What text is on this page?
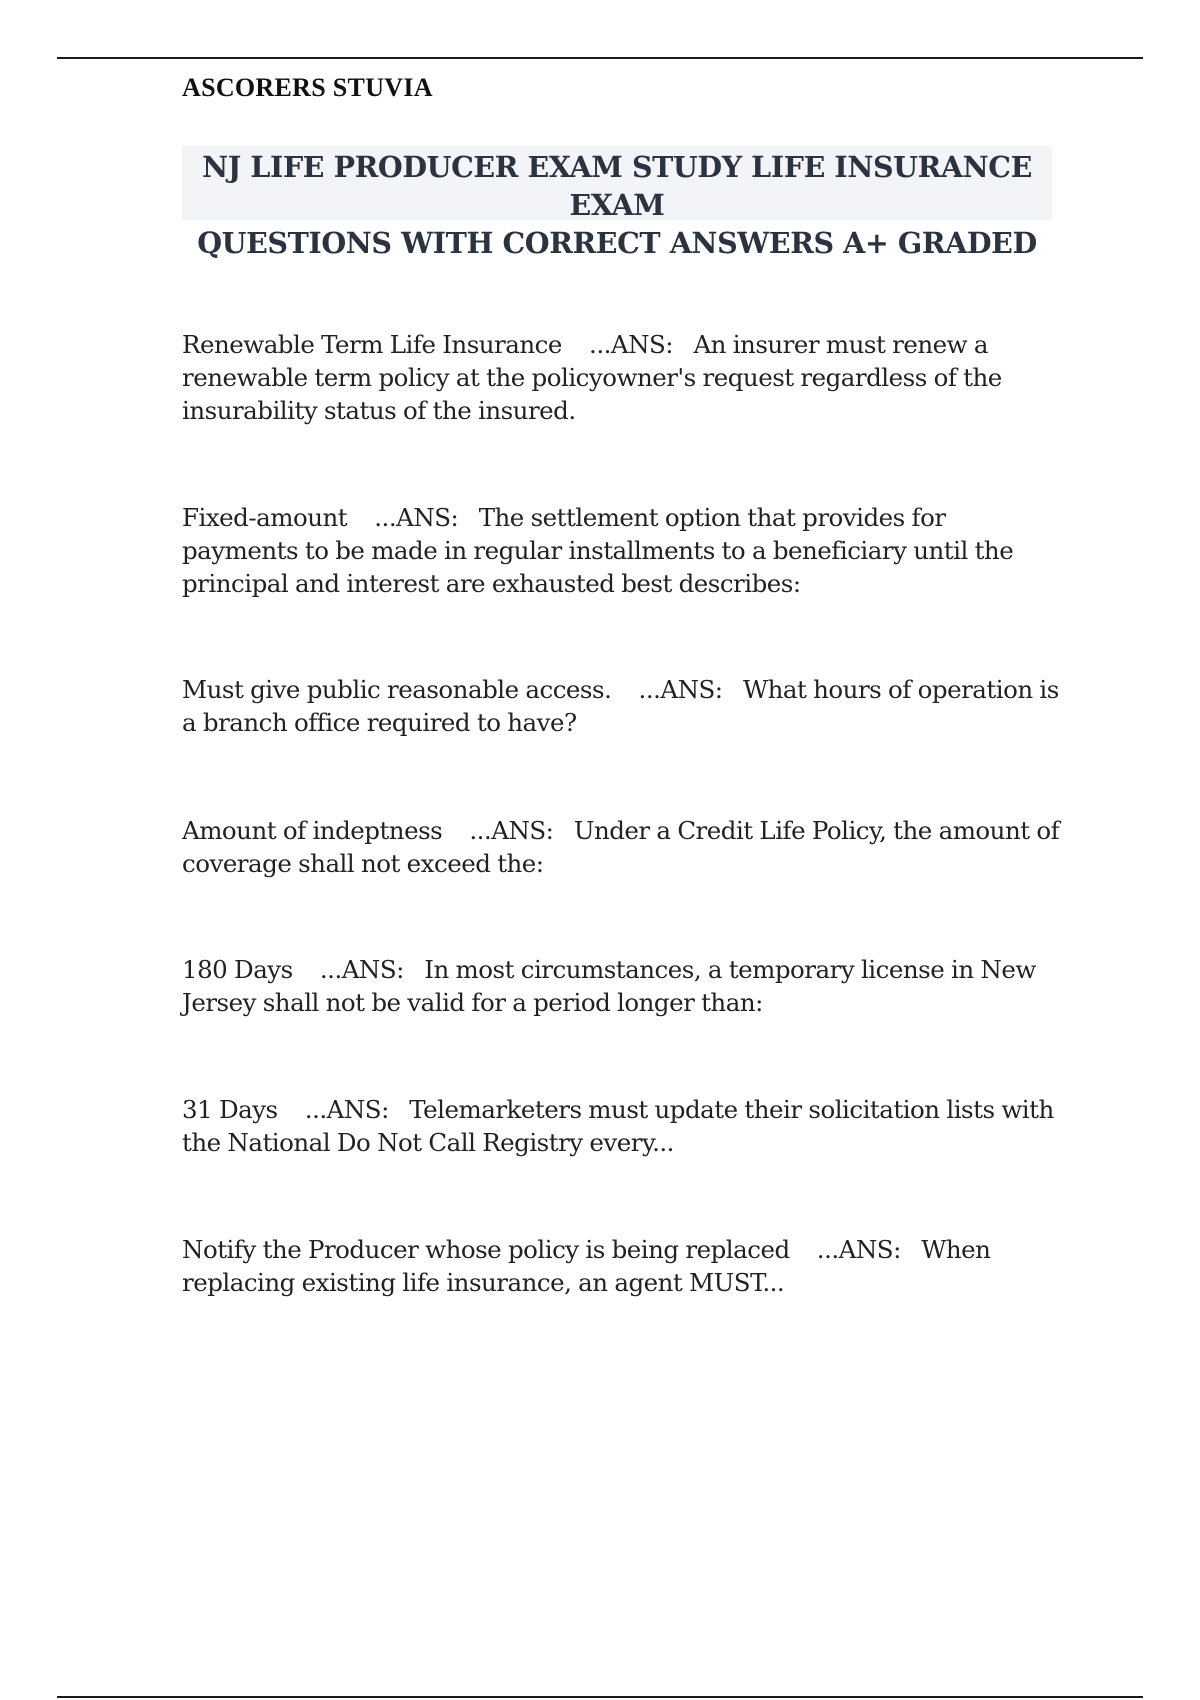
ASCORERS STUVIA

NJ LIFE PRODUCER EXAM STUDY LIFE INSURANCE EXAM
QUESTIONS WITH CORRECT ANSWERS A+ GRADED

Renewable Term Life Insurance ...ANS: An insurer must renew a renewable term policy at the policyowner's request regardless of the insurability status of the insured.
Fixed-amount ...ANS: The settlement option that provides for payments to be made in regular installments to a beneficiary until the principal and interest are exhausted best describes:
Must give public reasonable access. ...ANS: What hours of operation is a branch office required to have?
Amount of indeptness ...ANS: Under a Credit Life Policy, the amount of coverage shall not exceed the:
180 Days ...ANS: In most circumstances, a temporary license in New Jersey shall not be valid for a period longer than:
31 Days ...ANS: Telemarketers must update their solicitation lists with the National Do Not Call Registry every...
Notify the Producer whose policy is being replaced ...ANS: When replacing existing life insurance, an agent MUST...
